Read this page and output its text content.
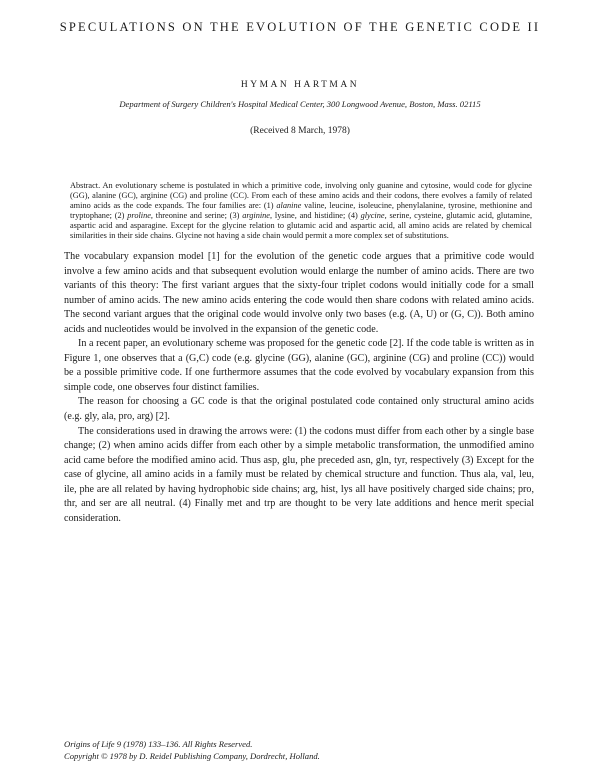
SPECULATIONS ON THE EVOLUTION OF THE GENETIC CODE II
HYMAN HARTMAN
Department of Surgery Children's Hospital Medical Center, 300 Longwood Avenue, Boston, Mass. 02115
(Received 8 March, 1978)
Abstract. An evolutionary scheme is postulated in which a primitive code, involving only guanine and cytosine, would code for glycine (GG), alanine (GC), arginine (CG) and proline (CC). From each of these amino acids and their codons, there evolves a family of related amino acids as the code expands. The four families are: (1) alanine valine, leucine, isoleucine, phenylalanine, tyrosine, methionine and tryptophane; (2) proline, threonine and serine; (3) arginine, lysine, and histidine; (4) glycine, serine, cysteine, glutamic acid, glutamine, aspartic acid and asparagine. Except for the glycine relation to glutamic acid and aspartic acid, all amino acids are related by chemical similarities in their side chains. Glycine not having a side chain would permit a more complex set of substitutions.

The vocabulary expansion model [1] for the evolution of the genetic code argues that a primitive code would involve a few amino acids and that subsequent evolution would enlarge the number of amino acids. There are two variants of this theory: The first variant argues that the sixty-four triplet codons would initially code for a small number of amino acids. The new amino acids entering the code would then share codons with related amino acids. The second variant argues that the original code would involve only two bases (e.g. (A, U) or (G, C)). Both amino acids and nucleotides would be involved in the expansion of the genetic code.

In a recent paper, an evolutionary scheme was proposed for the genetic code [2]. If the code table is written as in Figure 1, one observes that a (G,C) code (e.g. glycine (GG), alanine (GC), arginine (CG) and proline (CC)) would be a possible primitive code. If one furthermore assumes that the code evolved by vocabulary expansion from this simple code, one observes four distinct families.

The reason for choosing a GC code is that the original postulated code contained only structural amino acids (e.g. gly, ala, pro, arg) [2].

The considerations used in drawing the arrows were: (1) the codons must differ from each other by a single base change; (2) when amino acids differ from each other by a simple metabolic transformation, the unmodified amino acid came before the modified amino acid. Thus asp, glu, phe preceded asn, gln, tyr, respectively (3) Except for the case of glycine, all amino acids in a family must be related by chemical structure and function. Thus ala, val, leu, ile, phe are all related by having hydrophobic side chains; arg, hist, lys all have positively charged side chains; pro, thr, and ser are all neutral. (4) Finally met and trp are thought to be very late additions and hence merit special consideration.

Origins of Life 9 (1978) 133–136. All Rights Reserved.
Copyright © 1978 by D. Reidel Publishing Company, Dordrecht, Holland.
